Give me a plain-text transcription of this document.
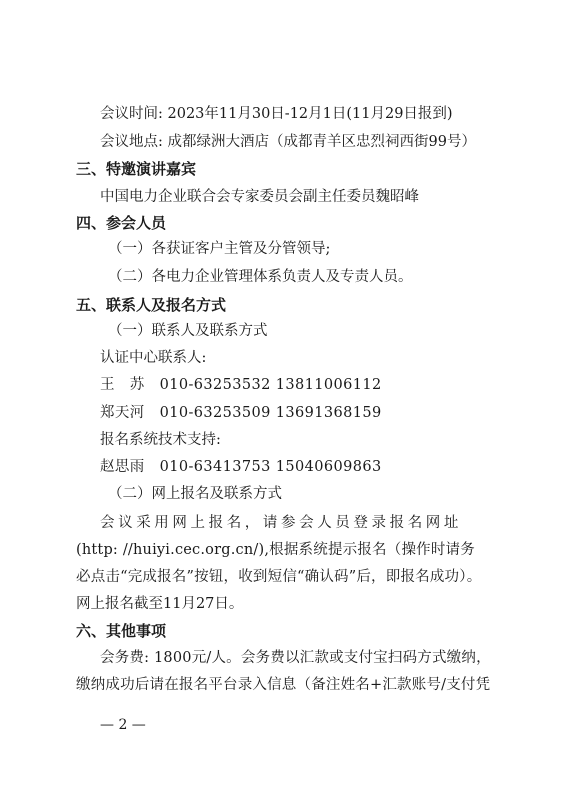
会议时间: 2023年11月30日-12月1日(11月29日报到)
会议地点: 成都绿洲大酒店（成都青羊区忠烈祠西街99号）
三、特邀演讲嘉宾
中国电力企业联合会专家委员会副主任委员魏昭峰
四、参会人员
（一）各获证客户主管及分管领导;
（二）各电力企业管理体系负责人及专责人员。
五、联系人及报名方式
（一）联系人及联系方式
认证中心联系人:
王　苏　010-63253532 13811006112
郑天河　010-63253509 13691368159
报名系统技术支持:
赵思雨　010-63413753 15040609863
（二）网上报名及联系方式
会议采用网上报名，请参会人员登录报名网址
(http: //huiyi.cec.org.cn/),根据系统提示报名（操作时请务
必点击“完成报名”按钮，收到短信“确认码”后，即报名成功）。
网上报名截至11月27日。
六、其他事项
会务费: 1800元/人。会务费以汇款或支付宝扫码方式缴纳，
缴纳成功后请在报名平台录入信息（备注姓名+汇款账号/支付凭
— 2 —
